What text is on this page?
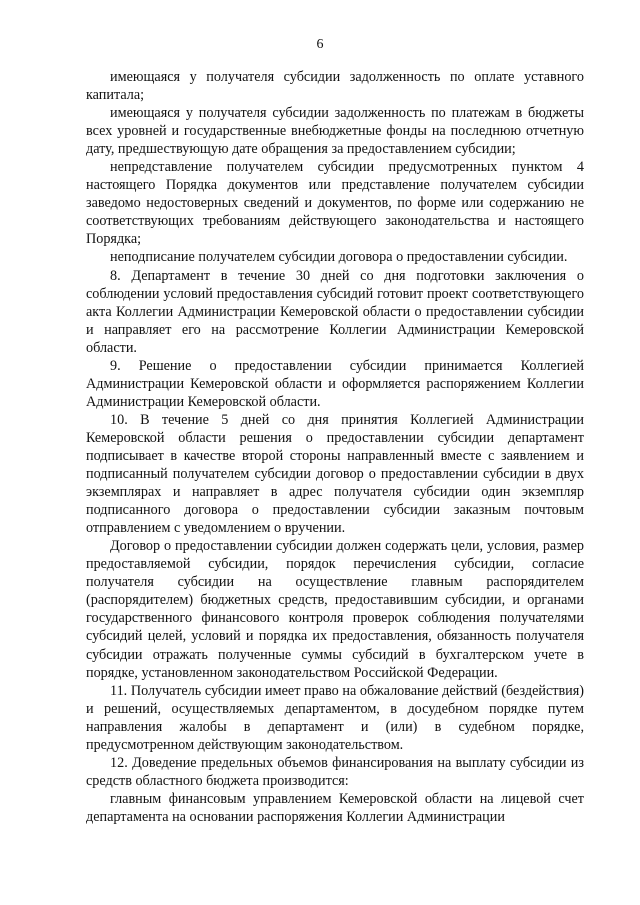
6

имеющаяся у получателя субсидии задолженность по оплате уставного капитала;

имеющаяся у получателя субсидии задолженность по платежам в бюджеты всех уровней и государственные внебюджетные фонды на последнюю отчетную дату, предшествующую дате обращения за предоставлением субсидии;

непредставление получателем субсидии предусмотренных пунктом 4 настоящего Порядка документов или представление получателем субсидии заведомо недостоверных сведений и документов, по форме или содержанию не соответствующих требованиям действующего законодательства и настоящего Порядка;

неподписание получателем субсидии договора о предоставлении субсидии.

8. Департамент в течение 30 дней со дня подготовки заключения о соблюдении условий предоставления субсидий готовит проект соответствующего акта Коллегии Администрации Кемеровской области о предоставлении субсидии и направляет его на рассмотрение Коллегии Администрации Кемеровской области.

9. Решение о предоставлении субсидии принимается Коллегией Администрации Кемеровской области и оформляется распоряжением Коллегии Администрации Кемеровской области.

10. В течение 5 дней со дня принятия Коллегией Администрации Кемеровской области решения о предоставлении субсидии департамент подписывает в качестве второй стороны направленный вместе с заявлением и подписанный получателем субсидии договор о предоставлении субсидии в двух экземплярах и направляет в адрес получателя субсидии один экземпляр подписанного договора о предоставлении субсидии заказным почтовым отправлением с уведомлением о вручении.

Договор о предоставлении субсидии должен содержать цели, условия, размер предоставляемой субсидии, порядок перечисления субсидии, согласие получателя субсидии на осуществление главным распорядителем (распорядителем) бюджетных средств, предоставившим субсидии, и органами государственного финансового контроля проверок соблюдения получателями субсидий целей, условий и порядка их предоставления, обязанность получателя субсидии отражать полученные суммы субсидий в бухгалтерском учете в порядке, установленном законодательством Российской Федерации.

11. Получатель субсидии имеет право на обжалование действий (бездействия) и решений, осуществляемых департаментом, в досудебном порядке путем направления жалобы в департамент и (или) в судебном порядке, предусмотренном действующим законодательством.

12. Доведение предельных объемов финансирования на выплату субсидии из средств областного бюджета производится:

главным финансовым управлением Кемеровской области на лицевой счет департамента на основании распоряжения Коллегии Администрации
